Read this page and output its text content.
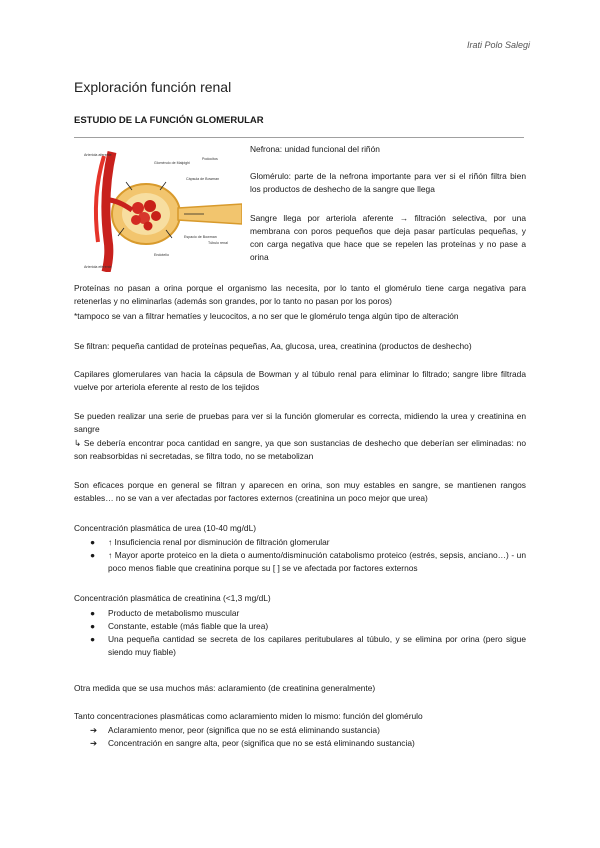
Irati Polo Salegi
Exploración función renal
ESTUDIO DE LA FUNCIÓN GLOMERULAR
Arteriola aferente
Glomérulo de Malpighi
Podocitos
Cápsula de Bowman
Espacio de Bowman
Túbulo renal
Endotelio
Arteriola eferente
Nefrona: unidad funcional del riñón
Glomérulo: parte de la nefrona importante para ver si el riñón filtra bien los productos de deshecho de la sangre que llega
Sangre llega por arteriola aferente → filtración selectiva, por una membrana con poros pequeños que deja pasar partículas pequeñas, y con carga negativa que hace que se repelen las proteínas y no pase a orina
Proteínas no pasan a orina porque el organismo las necesita, por lo tanto el glomérulo tiene carga negativa para retenerlas y no eliminarlas (además son grandes, por lo tanto no pasan por los poros)
*tampoco se van a filtrar hematíes y leucocitos, a no ser que le glomérulo tenga algún tipo de alteración
Se filtran: pequeña cantidad de proteínas pequeñas, Aa, glucosa, urea, creatinina (productos de deshecho)
Capilares glomerulares van hacia la cápsula de Bowman y al túbulo renal para eliminar lo filtrado; sangre libre filtrada vuelve por arteriola eferente al resto de los tejidos
Se pueden realizar una serie de pruebas para ver si la función glomerular es correcta, midiendo la urea y creatinina en sangre
↳ Se debería encontrar poca cantidad en sangre, ya que son sustancias de deshecho que deberían ser eliminadas: no son reabsorbidas ni secretadas, se filtra todo, no se metabolizan
Son eficaces porque en general se filtran y aparecen en orina, son muy estables en sangre, se mantienen rangos estables… no se van a ver afectadas por factores externos (creatinina un poco mejor que urea)
Concentración plasmática de urea (10-40 mg/dL)
● ↑ Insuficiencia renal por disminución de filtración glomerular
● ↑ Mayor aporte proteico en la dieta o aumento/disminución catabolismo proteico (estrés, sepsis, anciano…) - un poco menos fiable que creatinina porque su [ ] se ve afectada por factores externos
Concentración plasmática de creatinina (<1,3 mg/dL)
● Producto de metabolismo muscular
● Constante, estable (más fiable que la urea)
● Una pequeña cantidad se secreta de los capilares peritubulares al túbulo, y se elimina por orina (pero sigue siendo muy fiable)
Otra medida que se usa muchos más: aclaramiento (de creatinina generalmente)
Tanto concentraciones plasmáticas como aclaramiento miden lo mismo: función del glomérulo
➔ Aclaramiento menor, peor (significa que no se está eliminando sustancia)
➔ Concentración en sangre alta, peor (significa que no se está eliminando sustancia)
